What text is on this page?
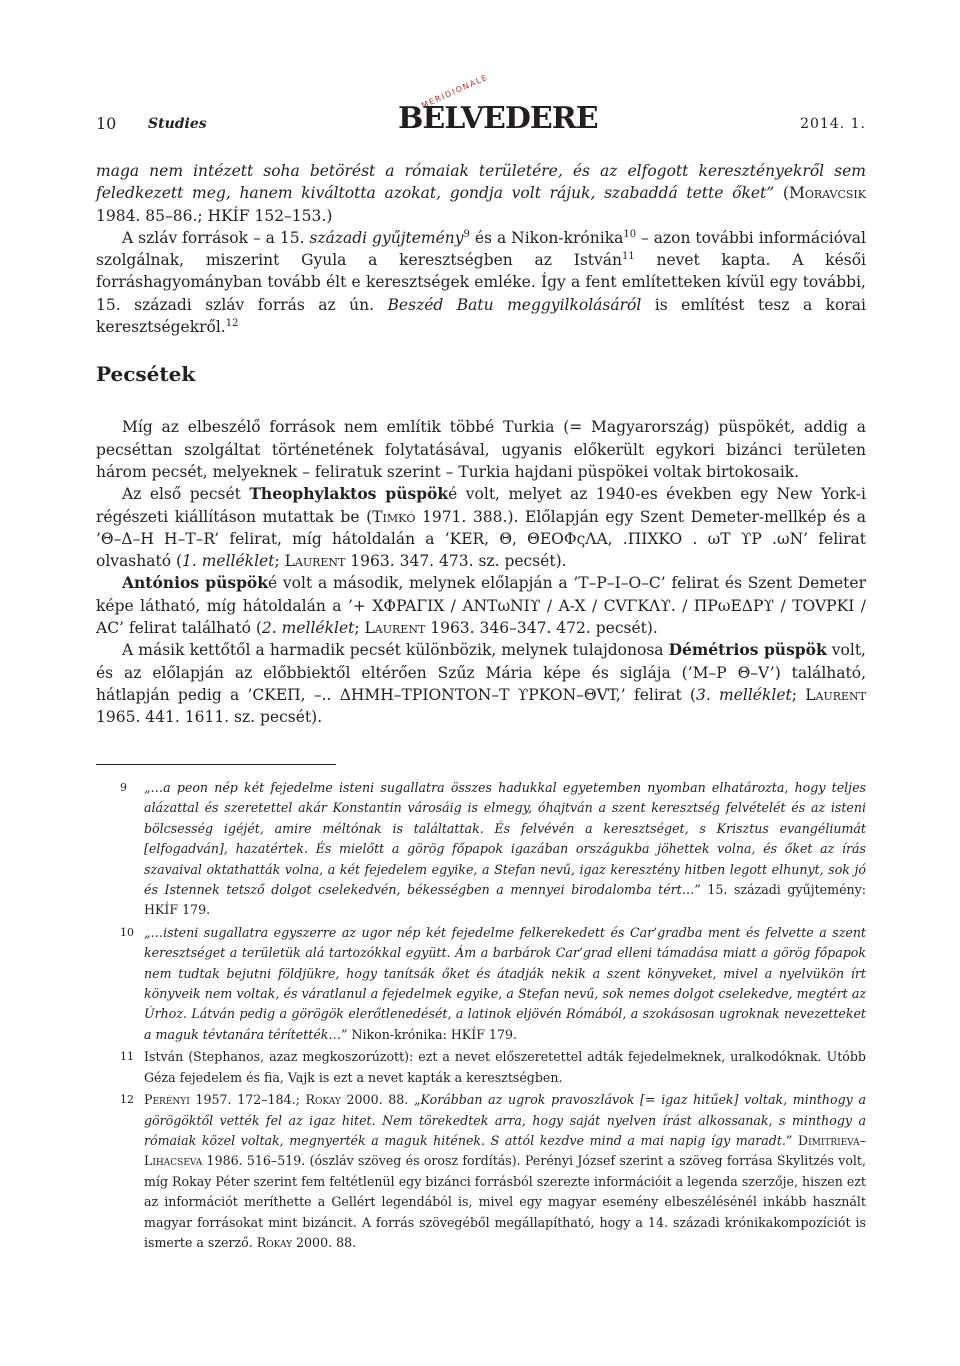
10 Studies	BELVEDERE
MERIDIONALE
2014. 1.

maga nem intézett soha betörést a rómaiak területére, és az elfogott keresztényekről sem feledkezett meg, hanem kiváltotta azokat, gondja volt rájuk, szabaddá tette őket” (Moravcsik 1984. 85–86.; HKÍF 152–153.)

A szláv források – a 15. századi gyűjtemény$^9$ és a Nikon-krónika$^{10}$ – azon további információval szolgálnak, miszerint Gyula a keresztségben az István$^{11}$ nevet kapta. A késői forráshagyományban tovább élt e keresztségek emléke. Így a fent említetteken kívül egy további, 15. századi szláv forrás az ún. Beszéd Batu meggyilkolásáról is említést tesz a korai keresztségekről.$^{12}$

Pecsétek

Míg az elbeszélő források nem említik többé Turkia (= Magyarország) püspökét, addig a pecséttan szolgáltat történetének folytatásával, ugyanis előkerült egykori bizánci területen három pecsét, melyeknek – feliratuk szerint – Turkia hajdani püspökei voltak birtokosaik.

Az első pecsét Theophylaktos püspöké volt, melyet az 1940-es években egy New York-i régészeti kiállításon mutattak be (Tιμκó 1971. 388.). Előlapján egy Szent Demeter-mellkép és a ’Θ–Δ–H H–T–R’ felirat, míg hátoldalán a ’KER, Θ, ΘEOΦςΛA, .ΠIXKO . ωT ϒP .ωN’ felirat olvasható (1. melléklet; Laurent 1963. 347. 473. sz. pecsét).

Antónios püspöké volt a második, melynek előlapján a ’T–P–I–O–C’ felirat és Szent Demeter képe látható, míg hátoldalán a ’+ XΦPAΓIX / ANTωNIϒ / A-X / CVΓKΛϒ. / ΠPωEΔPϒ / TOVPKI / AC’ felirat található (2. melléklet; Laurent 1963. 346–347. 472. pecsét).

A másik kettőtől a harmadik pecsét különbözik, melynek tulajdonosa Démétrios püspök volt, és az előlapján az előbbiektől eltérően Szűz Mária képe és siglája (’M–P Θ–V’) található, hátlapján pedig a ’CKEΠ, –.. ΔHMH–TPIONTON–T ϒPKON–ΘVT,’ felirat (3. melléklet; Laurent 1965. 441. 1611. sz. pecsét).

9 „…a peon nép két fejedelme isteni sugallatra összes hadukkal egyetemben nyomban elhatározta, hogy teljes alázattal és szeretettel akár Konstantin városáig is elmegy, óhajtván a szent keresztség felvételét és az isteni bölcsesség igéjét, amire méltónak is találtattak. És felvévén a keresztséget, s Krisztus evangéliumát [elfogadván], hazatértek. És mielőtt a görög főpapok igazában országukba jöhettek volna, és őket az írás szavaival oktathatták volna, a két fejedelem egyike, a Stefan nevű, igaz keresztény hitben legott elhunyt, sok jó és Istennek tetsző dolgot cselekedvén, békességben a mennyei birodalomba tért…” 15. századi gyűjtemény: HKÍF 179.

10 „…isteni sugallatra egyszerre az ugor nép két fejedelme felkerekedett és Car’gradba ment és felvette a szent keresztséget a területük alá tartozókkal együtt. Ám a barbárok Car’grad elleni támadása miatt a görög főpapok nem tudtak bejutni földjükre, hogy tanítsák őket és átadják nekik a szent könyveket, mivel a nyelvükön írt könyveik nem voltak, és váratlanul a fejedelmek egyike, a Stefan nevű, sok nemes dolgot cselekedve, megtért az Úrhoz. Látván pedig a görögök elerőtlenedését, a latinok eljövén Rómából, a szokásosan ugroknak nevezetteket a maguk tévtanára térítették…” Nikon-krónika: HKÍF 179.

11 István (Stephanos, azaz megkoszorúzott): ezt a nevet előszeretettel adták fejedelmeknek, uralkodóknak. Utóbb Géza fejedelem és fia, Vajk is ezt a nevet kapták a keresztségben.

12 Perényi 1957. 172–184.; Rokay 2000. 88. „Korábban az ugrok pravoszlávok [= igaz hitűek] voltak, minthogy a görögöktől vették fel az igaz hitet. Nem törekedtek arra, hogy saját nyelven írást alkossanak, s minthogy a rómaiak közel voltak, megnyerték a maguk hitének. S attól kezdve mind a mai napig így maradt.” Dimitrieva–Lihacseva 1986. 516–519. (ószláv szöveg és orosz fordítás). Perényi József szerint a szöveg forrása Skylitzés volt, míg Rokay Péter szerint fem feltétlenül egy bizánci forrásból szerezte információit a legenda szerzője, hiszen ezt az információt meríthette a Gellért legendából is, mivel egy magyar esemény elbeszélésénél inkább használt magyar forrásokat mint bizáncit. A forrás szövegéből megállapítható, hogy a 14. századi krónikakompozíciót is ismerte a szerző. Rokay 2000. 88.
